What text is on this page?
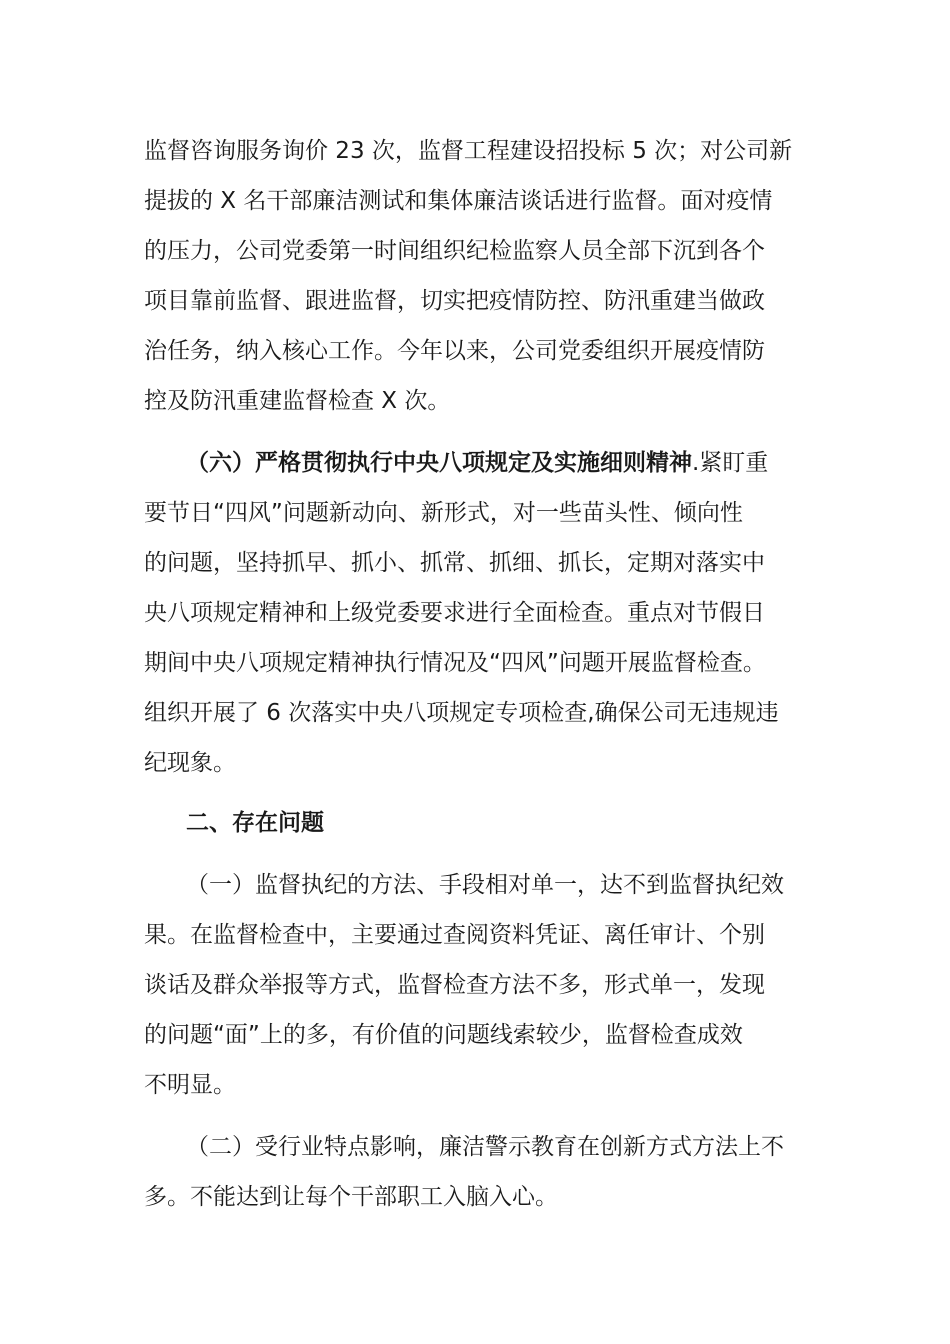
监督咨询服务询价 23 次，监督工程建设招投标 5 次；对公司新
提拔的 X 名干部廉洁测试和集体廉洁谈话进行监督。面对疫情
的压力，公司党委第一时间组织纪检监察人员全部下沉到各个
项目靠前监督、跟进监督，切实把疫情防控、防汛重建当做政
治任务，纳入核心工作。今年以来，公司党委组织开展疫情防
控及防汛重建监督检查 X 次。
（六）严格贯彻执行中央八项规定及实施细则精神.紧盯重
要节日“四风”问题新动向、新形式，对一些苗头性、倾向性
的问题，坚持抓早、抓小、抓常、抓细、抓长，定期对落实中
央八项规定精神和上级党委要求进行全面检查。重点对节假日
期间中央八项规定精神执行情况及“四风”问题开展监督检查。
组织开展了 6 次落实中央八项规定专项检查,确保公司无违规违
纪现象。
二、存在问题
（一）监督执纪的方法、手段相对单一，达不到监督执纪效
果。在监督检查中，主要通过查阅资料凭证、离任审计、个别
谈话及群众举报等方式，监督检查方法不多，形式单一，发现
的问题“面”上的多，有价值的问题线索较少，监督检查成效
不明显。
（二）受行业特点影响，廉洁警示教育在创新方式方法上不
多。不能达到让每个干部职工入脑入心。
